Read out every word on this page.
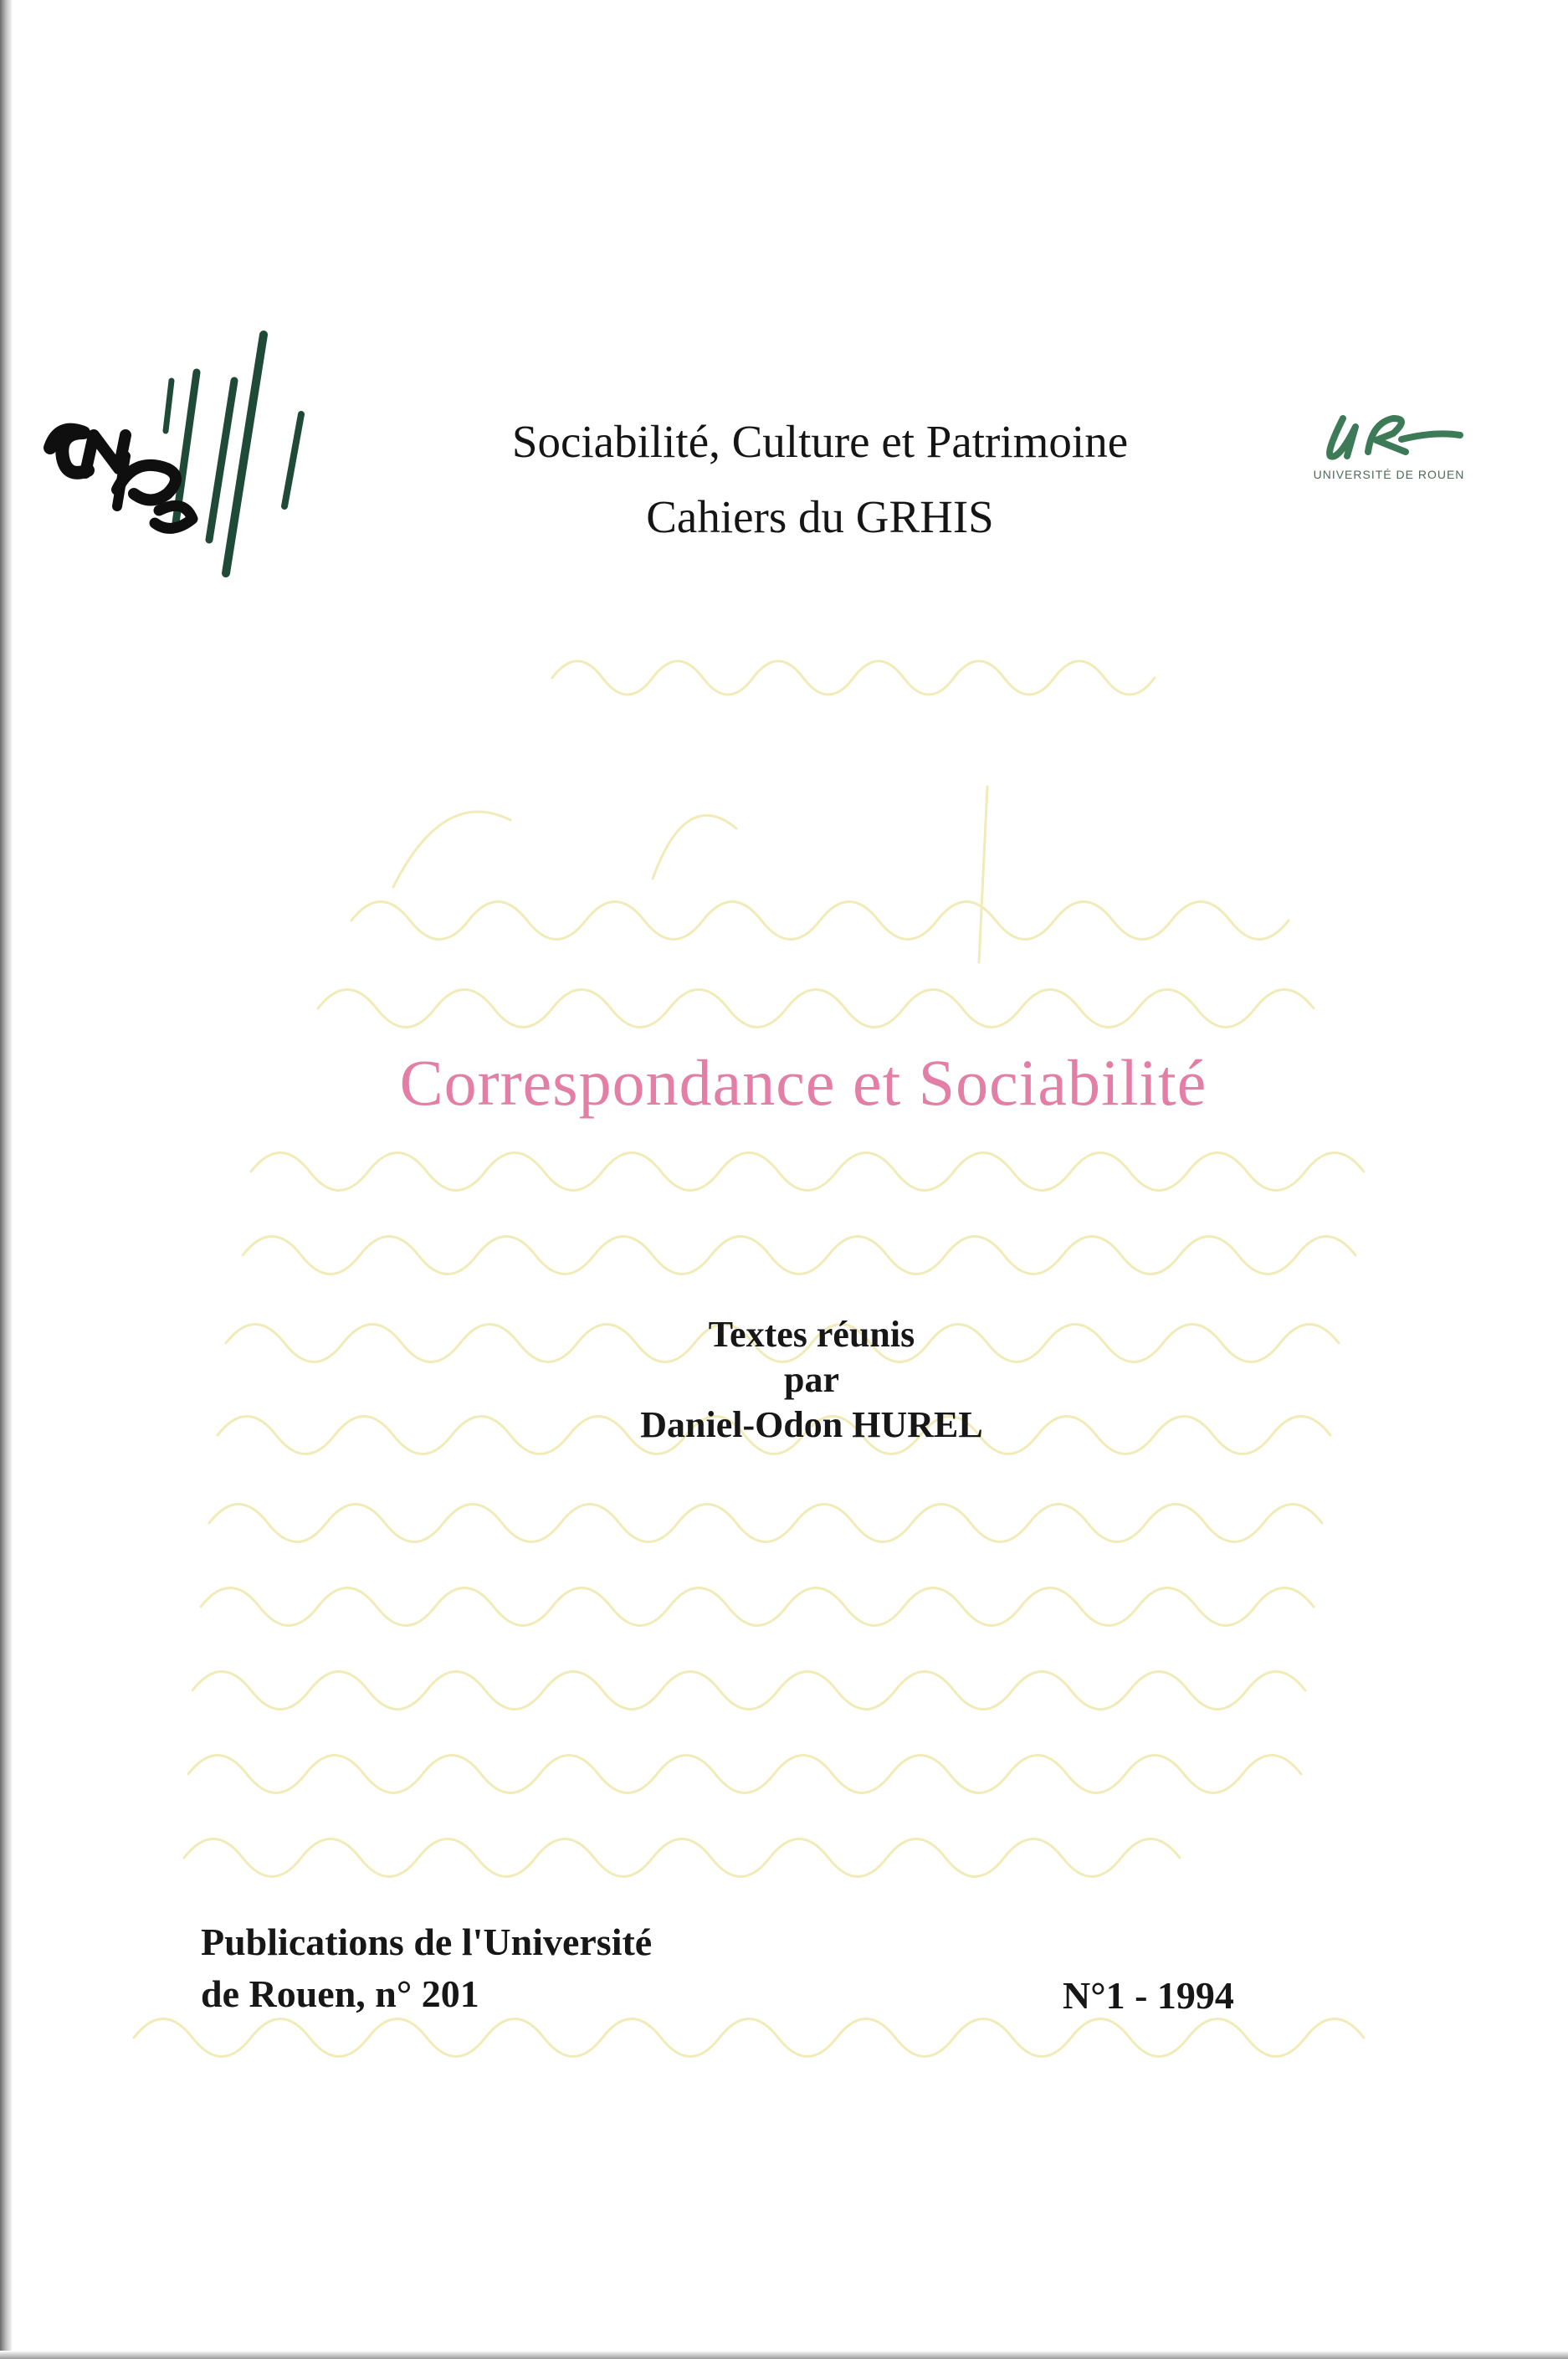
UNIVERSITÉ DE ROUEN
Sociabilité, Culture et Patrimoine
Cahiers du GRHIS
Correspondance et Sociabilité
Textes réunis
par
Daniel-Odon HUREL
Publications de l'Université
de Rouen, n° 201	N°1 - 1994
